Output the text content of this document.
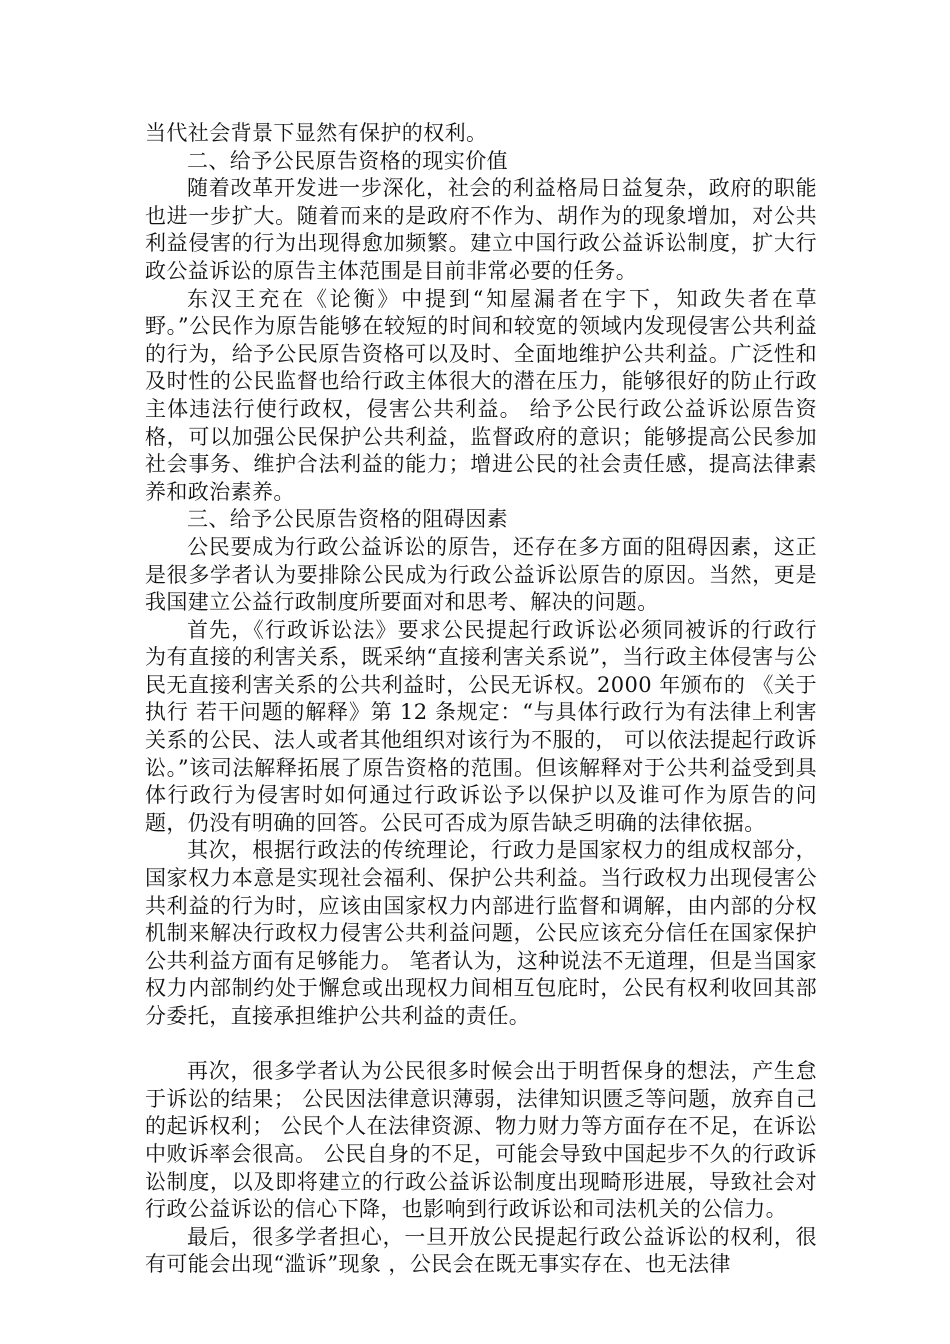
当代社会背景下显然有保护的权利。

二、给予公民原告资格的现实价值

随着改革开发进一步深化，社会的利益格局日益复杂，政府的职能也进一步扩大。随着而来的是政府不作为、胡作为的现象增加，对公共利益侵害的行为出现得愈加频繁。建立中国行政公益诉讼制度，扩大行政公益诉讼的原告主体范围是目前非常必要的任务。

东汉王充在《论衡》中提到“知屋漏者在宇下，知政失者在草野。”公民作为原告能够在较短的时间和较宽的领域内发现侵害公共利益的行为，给予公民原告资格可以及时、全面地维护公共利益。广泛性和及时性的公民监督也给行政主体很大的潜在压力，能够很好的防止行政主体违法行使行政权，侵害公共利益。 给予公民行政公益诉讼原告资格，可以加强公民保护公共利益，监督政府的意识；能够提高公民参加社会事务、维护合法利益的能力；增进公民的社会责任感，提高法律素养和政治素养。

三、给予公民原告资格的阻碍因素

公民要成为行政公益诉讼的原告，还存在多方面的阻碍因素，这正是很多学者认为要排除公民成为行政公益诉讼原告的原因。当然，更是我国建立公益行政制度所要面对和思考、解决的问题。

首先，《行政诉讼法》要求公民提起行政诉讼必须同被诉的行政行为有直接的利害关系，既采纳“直接利害关系说”，当行政主体侵害与公民无直接利害关系的公共利益时，公民无诉权。2000 年颁布的 《关于执行 若干问题的解释》第 12 条规定：“与具体行政行为有法律上利害关系的公民、法人或者其他组织对该行为不服的， 可以依法提起行政诉讼。”该司法解释拓展了原告资格的范围。但该解释对于公共利益受到具体行政行为侵害时如何通过行政诉讼予以保护以及谁可作为原告的问题，仍没有明确的回答。公民可否成为原告缺乏明确的法律依据。

其次，根据行政法的传统理论，行政力是国家权力的组成权部分，国家权力本意是实现社会福利、保护公共利益。当行政权力出现侵害公共利益的行为时，应该由国家权力内部进行监督和调解，由内部的分权机制来解决行政权力侵害公共利益问题，公民应该充分信任在国家保护公共利益方面有足够能力。 笔者认为，这种说法不无道理，但是当国家权力内部制约处于懈怠或出现权力间相互包庇时，公民有权利收回其部分委托，直接承担维护公共利益的责任。

再次，很多学者认为公民很多时候会出于明哲保身的想法，产生怠于诉讼的结果； 公民因法律意识薄弱，法律知识匮乏等问题，放弃自己的起诉权利； 公民个人在法律资源、物力财力等方面存在不足，在诉讼中败诉率会很高。 公民自身的不足，可能会导致中国起步不久的行政诉讼制度，以及即将建立的行政公益诉讼制度出现畸形进展，导致社会对行政公益诉讼的信心下降，也影响到行政诉讼和司法机关的公信力。

最后，很多学者担心，一旦开放公民提起行政公益诉讼的权利，很有可能会出现“滥诉”现象 ，公民会在既无事实存在、也无法律
